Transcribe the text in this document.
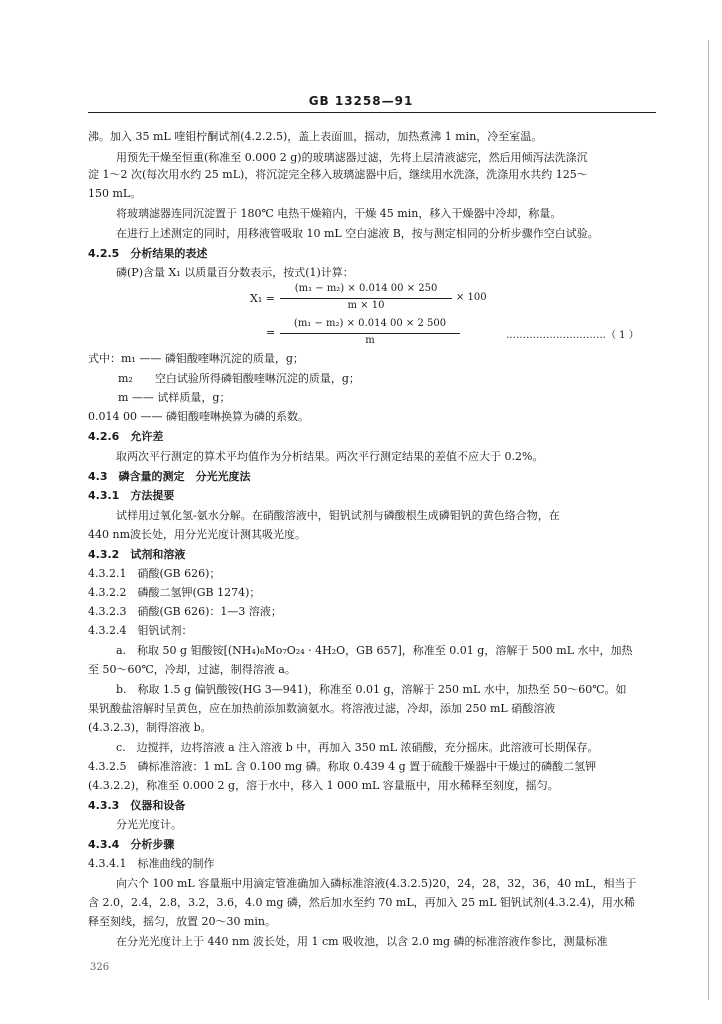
GB 13258—91
沸。加入 35 mL 喹钼柠酮试剂(4.2.2.5)，盖上表面皿，摇动，加热煮沸 1 min，冷至室温。
用预先干燥至恒重(称准至 0.000 2 g)的玻璃滤器过滤，先将上层清液滤完，然后用倾泻法洗涤沉
淀 1～2 次(每次用水约 25 mL)，将沉淀完全移入玻璃滤器中后，继续用水洗涤，洗涤用水共约 125～
150 mL。
将玻璃滤器连同沉淀置于 180℃ 电热干燥箱内，干燥 45 min，移入干燥器中冷却，称量。
在进行上述测定的同时，用移液管吸取 10 mL 空白滤液 B，按与测定相同的分析步骤作空白试验。
4.2.5　分析结果的表述
磷(P)含量 X₁ 以质量百分数表示，按式(1)计算：
X₁ =
(m₁ − m₂) × 0.014 00 × 250
m × 10
× 100
=
(m₁ − m₂) × 0.014 00 × 2 500
m	…………………………（ 1 ）
式中：m₁ —— 磷钼酸喹啉沉淀的质量，g；
m₂　　空白试验所得磷钼酸喹啉沉淀的质量，g；
m —— 试样质量，g；
0.014 00 —— 磷钼酸喹啉换算为磷的系数。
4.2.6　允许差
取两次平行测定的算术平均值作为分析结果。两次平行测定结果的差值不应大于 0.2%。
4.3　磷含量的测定　分光光度法
4.3.1　方法提要
试样用过氧化氢-氨水分解。在硝酸溶液中，钼钒试剂与磷酸根生成磷钼钒的黄色络合物，在
440 nm波长处，用分光光度计测其吸光度。
4.3.2　试剂和溶液
4.3.2.1　硝酸(GB 626)；
4.3.2.2　磷酸二氢钾(GB 1274)；
4.3.2.3　硝酸(GB 626)：1—3 溶液；
4.3.2.4　钼钒试剂：
a.　称取 50 g 钼酸铵[(NH₄)₆Mo₇O₂₄ · 4H₂O，GB 657]，称准至 0.01 g，溶解于 500 mL 水中，加热
至 50～60℃，冷却，过滤，制得溶液 a。
b.　称取 1.5 g 偏钒酸铵(HG 3—941)，称准至 0.01 g，溶解于 250 mL 水中，加热至 50～60℃。如
果钒酸盐溶解时呈黄色，应在加热前添加数滴氨水。将溶液过滤，冷却，添加 250 mL 硝酸溶液
(4.3.2.3)，制得溶液 b。
c.　边搅拌，边将溶液 a 注入溶液 b 中，再加入 350 mL 浓硝酸，充分摇床。此溶液可长期保存。
4.3.2.5　磷标准溶液：1 mL 含 0.100 mg 磷。称取 0.439 4 g 置于硫酸干燥器中干燥过的磷酸二氢钾
(4.3.2.2)，称准至 0.000 2 g，溶于水中，移入 1 000 mL 容量瓶中，用水稀释至刻度，摇匀。
4.3.3　仪器和设备
分光光度计。
4.3.4　分析步骤
4.3.4.1　标准曲线的制作
向六个 100 mL 容量瓶中用滴定管准确加入磷标准溶液(4.3.2.5)20，24，28，32，36，40 mL，相当于
含 2.0，2.4，2.8，3.2，3.6，4.0 mg 磷，然后加水至约 70 mL，再加入 25 mL 钼钒试剂(4.3.2.4)，用水稀
释至刻线，摇匀，放置 20～30 min。
在分光光度计上于 440 nm 波长处，用 1 cm 吸收池，以含 2.0 mg 磷的标准溶液作参比，测量标准
326
